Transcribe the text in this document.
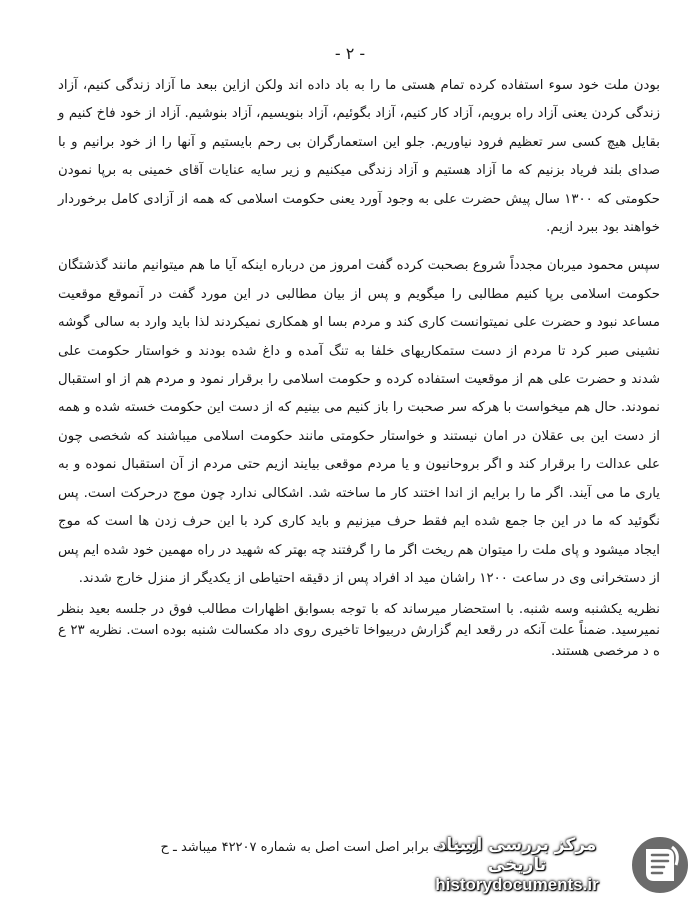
- ٢ -

بودن ملت خود سوء استفاده کرده تمام هستی ما را به باد داده اند ولکن ازاین ببعد ما آزاد زندگی کنیم، آزاد زندگی کردن یعنی آزاد راه برویم، آزاد کار کنیم، آزاد بگوئیم، آزاد بنویسیم، آزاد بنوشیم. آزاد از خود فاخ کنیم و بقایل هیچ کسی سر تعظیم فرود نیاوریم. جلو این استعمارگران بی رحم بایستیم و آنها را از خود برانیم و با صدای بلند فریاد بزنیم که ما آزاد هستیم و آزاد زندگی میکنیم و زیر سایه عنایات آقای خمینی به برپا نمودن حکومتی که ١٣٠٠ سال پیش حضرت علی به وجود آورد یعنی حکومت اسلامی که همه از آزادی کامل برخوردار خواهند بود ببرد ازیم.

سپس محمود میربان مجدداً شروع بصحبت کرده گفت امروز من درباره اینکه آیا ما هم میتوانیم مانند گذشتگان حکومت اسلامی برپا کنیم مطالبی را میگویم و پس از بیان مطالبی در این مورد گفت در آنموقع موقعیت مساعد نبود و حضرت علی نمیتوانست کاری کند و مردم بسا او همکاری نمیکردند لذا باید وارد به سالی گوشه نشینی صبر کرد تا مردم از دست ستمکاریهای خلفا به تنگ آمده و داغ شده بودند و خواستار حکومت علی شدند و حضرت علی هم از موقعیت استفاده کرده و حکومت اسلامی را برقرار نمود و مردم هم از او استقبال نمودند. حال هم میخواست با هرکه سر صحبت را باز کنیم می بینیم که از دست این حکومت خسته شده و همه از دست این بی عقلان در امان نیستند و خواستار حکومتی مانند حکومت اسلامی میباشند که شخصی چون علی عدالت را برقرار کند و اگر بروحانیون و یا مردم موقعی بیایند ازیم حتی مردم از آن استقبال نموده و به یاری ما می آیند. اگر ما را برایم از اندا اختند کار ما ساخته شد. اشکالی ندارد چون موج درحرکت است. پس نگوئید که ما در این جا جمع شده ایم فقط حرف میزنیم و باید کاری کرد با این حرف زدن ها است که موج ایجاد میشود و پای ملت را میتوان هم ریخت اگر ما را گرفتند چه بهتر که شهید در راه مهمین خود شده ایم پس از دستخرانی وی در ساعت ١٢٠٠ راشان مید اد افراد پس از دقیقه احتیاطی از یکدیگر از منزل خارج شدند.

نظریه یکشنبه وسه شنبه. با استحضار میرساند که با توجه بسوابق اظهارات مطالب فوق در جلسه بعید بنظر نمیرسید. ضمناً علت آنکه در رقعد ایم گزارش دربیواخا تاخیری روی داد مکسالت شنبه بوده است. نظریه ٢٣ ع ه د مرخصی هستند.

رونوشت برابر اصل است اصل به شماره ۴۲۲۰۷ میباشد ـ ح
مرکز بررسی اسناد تاریخی
historydocuments.ir
